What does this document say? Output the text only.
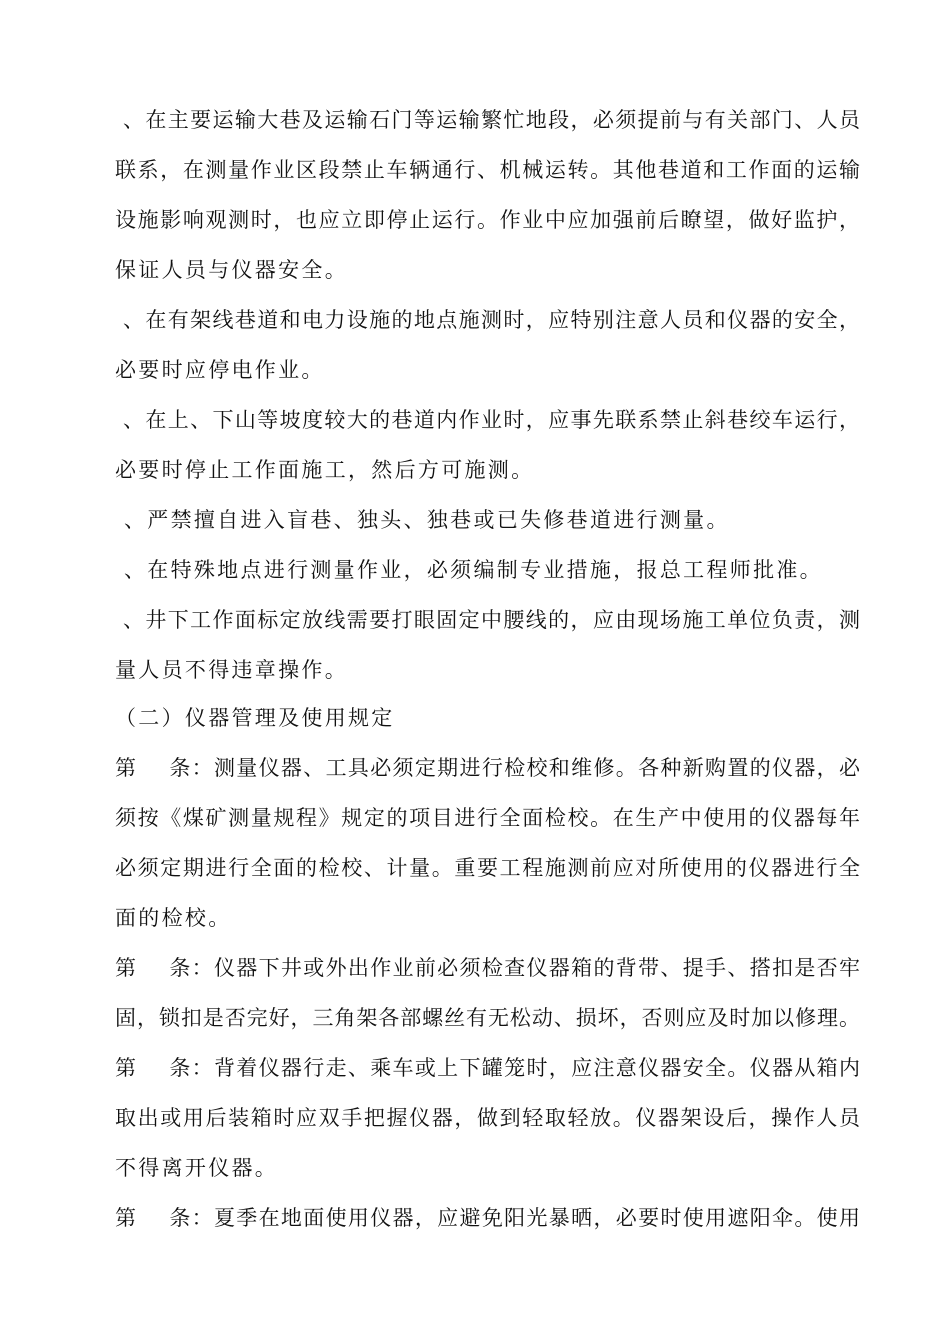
、在主要运输大巷及运输石门等运输繁忙地段，必须提前与有关部门、人员
联系，在测量作业区段禁止车辆通行、机械运转。其他巷道和工作面的运输
设施影响观测时，也应立即停止运行。作业中应加强前后瞭望，做好监护，
保证人员与仪器安全。
、在有架线巷道和电力设施的地点施测时，应特别注意人员和仪器的安全，
必要时应停电作业。
、在上、下山等坡度较大的巷道内作业时，应事先联系禁止斜巷绞车运行，
必要时停止工作面施工，然后方可施测。
、严禁擅自进入盲巷、独头、独巷或已失修巷道进行测量。
、在特殊地点进行测量作业，必须编制专业措施，报总工程师批准。
、井下工作面标定放线需要打眼固定中腰线的，应由现场施工单位负责，测
量人员不得违章操作。
（二）仪器管理及使用规定
第    条：测量仪器、工具必须定期进行检校和维修。各种新购置的仪器，必
须按《煤矿测量规程》规定的项目进行全面检校。在生产中使用的仪器每年
必须定期进行全面的检校、计量。重要工程施测前应对所使用的仪器进行全
面的检校。
第    条：仪器下井或外出作业前必须检查仪器箱的背带、提手、搭扣是否牢
固，锁扣是否完好，三角架各部螺丝有无松动、损坏，否则应及时加以修理。
第    条：背着仪器行走、乘车或上下罐笼时，应注意仪器安全。仪器从箱内
取出或用后装箱时应双手把握仪器，做到轻取轻放。仪器架设后，操作人员
不得离开仪器。
第    条：夏季在地面使用仪器，应避免阳光暴晒，必要时使用遮阳伞。使用
